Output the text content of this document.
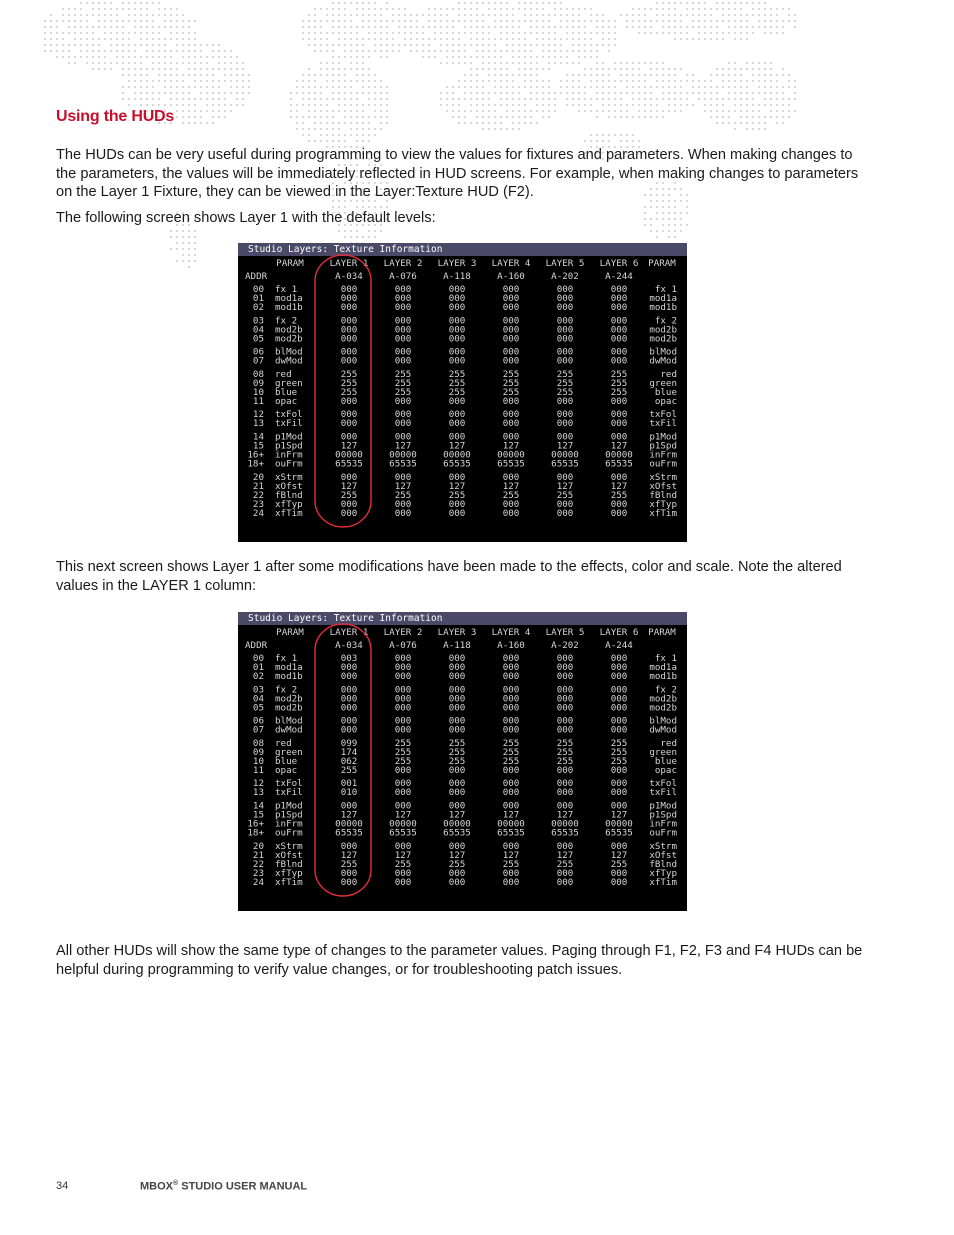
Using the HUDs

The HUDs can be very useful during programming to view the values for fixtures and parameters. When making changes to the parameters, the values will be immediately reflected in HUD screens. For example, when making changes to parameters on the Layer 1 Fixture, they can be viewed in the Layer:Texture HUD (F2).

The following screen shows Layer 1 with the default levels:

Studio Layers: Texture Information
PARAM	LAYER 1 LAYER 2 LAYER 3 LAYER 4 LAYER 5 LAYER 6 PARAM
ADDR	A-034	A-076	A-118	A-160	A-202	A-244
00 fx 1	000	000	000	000	000	000	fx 1
01 mod1a	000	000	000	000	000	000 mod1a
02 mod1b	000	000	000	000	000	000 mod1b
03 fx 2	000	000	000	000	000	000	fx 2
04 mod2b	000	000	000	000	000	000 mod2b
05 mod2b	000	000	000	000	000	000 mod2b
06 blMod	000	000	000	000	000	000 blMod
07 dwMod	000	000	000	000	000	000 dwMod
08 red	255	255	255	255	255	255	red
09 green	255	255	255	255	255	255 green
10 blue	255	255	255	255	255	255	blue
11 opac	000	000	000	000	000	000	opac
12 txFol	000	000	000	000	000	000 txFol
13 txFil	000	000	000	000	000	000 txFil
14 p1Mod	000	000	000	000	000	000 p1Mod
15 p1Spd	127	127	127	127	127	127 p1Spd
16+ inFrm	00000	00000	00000	00000	00000	00000 inFrm
18+ ouFrm	65535	65535	65535	65535	65535	65535 ouFrm
20 xStrm	000	000	000	000	000	000 xStrm
21 xOfst	127	127	127	127	127	127 xOfst
22 fBlnd	255	255	255	255	255	255 fBlnd
23 xfTyp	000	000	000	000	000	000 xfTyp
24 xfTim	000	000	000	000	000	000 xfTim

This next screen shows Layer 1 after some modifications have been made to the effects, color and scale. Note the altered values in the LAYER 1 column:

Studio Layers: Texture Information
PARAM	LAYER 1 LAYER 2 LAYER 3 LAYER 4 LAYER 5 LAYER 6 PARAM
ADDR	A-034	A-076	A-118	A-160	A-202	A-244
00 fx 1	003	000	000	000	000	000	fx 1
01 mod1a	000	000	000	000	000	000 mod1a
02 mod1b	000	000	000	000	000	000 mod1b
03 fx 2	000	000	000	000	000	000	fx 2
04 mod2b	000	000	000	000	000	000 mod2b
05 mod2b	000	000	000	000	000	000 mod2b
06 blMod	000	000	000	000	000	000 blMod
07 dwMod	000	000	000	000	000	000 dwMod
08 red	099	255	255	255	255	255	red
09 green	174	255	255	255	255	255 green
10 blue	062	255	255	255	255	255	blue
11 opac	255	000	000	000	000	000	opac
12 txFol	001	000	000	000	000	000 txFol
13 txFil	010	000	000	000	000	000 txFil
14 p1Mod	000	000	000	000	000	000 p1Mod
15 p1Spd	127	127	127	127	127	127 p1Spd
16+ inFrm	00000	00000	00000	00000	00000	00000 inFrm
18+ ouFrm	65535	65535	65535	65535	65535	65535 ouFrm
20 xStrm	000	000	000	000	000	000 xStrm
21 xOfst	127	127	127	127	127	127 xOfst
22 fBlnd	255	255	255	255	255	255 fBlnd
23 xfTyp	000	000	000	000	000	000 xfTyp
24 xfTim	000	000	000	000	000	000 xfTim

All other HUDs will show the same type of changes to the parameter values. Paging through F1, F2, F3 and F4 HUDs can be helpful during programming to verify value changes, or for troubleshooting patch issues.

34	MBOX® STUDIO USER MANUAL
